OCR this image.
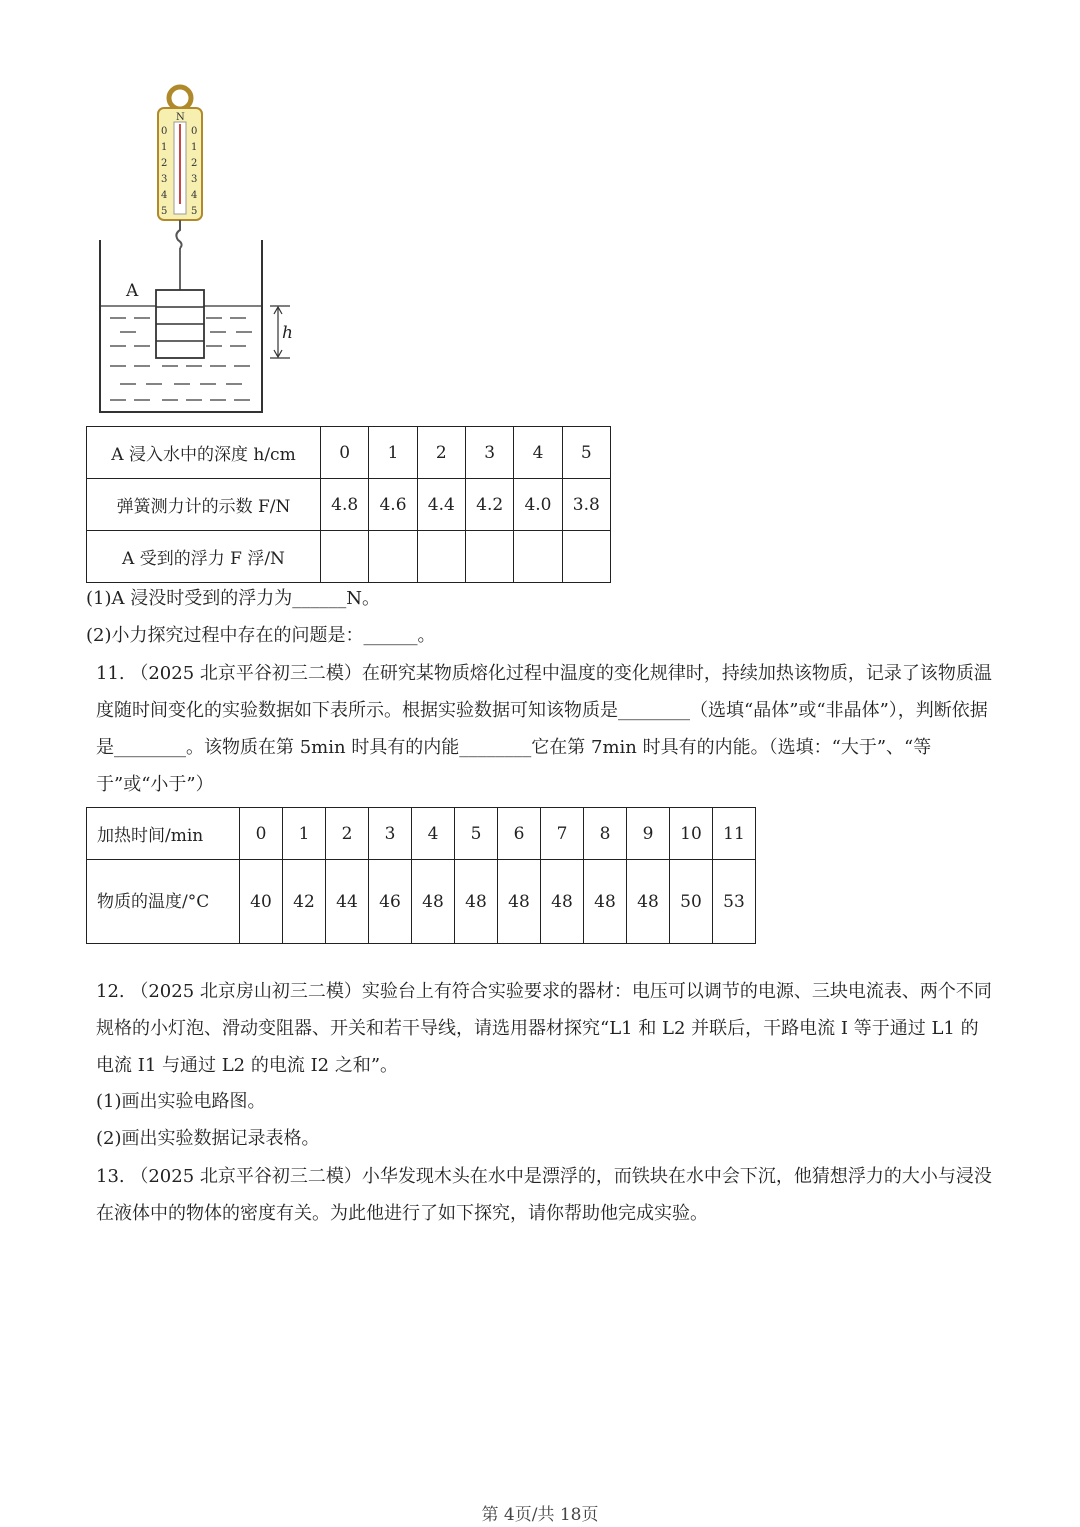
N
0 0
1 1
2 2
3 3
4 4
5 5
A
h
A 浸入水中的深度 h/cm	0	1	2	3	4	5
弹簧测力计的示数 F/N	4.8	4.6	4.4	4.2	4.0	3.8
A 受到的浮力 F 浮/N						
(1)A 浸没时受到的浮力为______N。
(2)小力探究过程中存在的问题是：______。
11. （2025 北京平谷初三二模）在研究某物质熔化过程中温度的变化规律时，持续加热该物质，记录了该物质温度随时间变化的实验数据如下表所示。根据实验数据可知该物质是________（选填“晶体”或“非晶体”），判断依据是________。该物质在第 5min 时具有的内能________它在第 7min 时具有的内能。（选填：“大于”、“等于”或“小于”）
加热时间/min	0	1	2	3	4	5	6	7	8	9	10	11
物质的温度/°C	40	42	44	46	48	48	48	48	48	48	50	53
12. （2025 北京房山初三二模）实验台上有符合实验要求的器材：电压可以调节的电源、三块电流表、两个不同规格的小灯泡、滑动变阻器、开关和若干导线，请选用器材探究“L1 和 L2 并联后，干路电流 I 等于通过 L1 的电流 I1 与通过 L2 的电流 I2 之和”。
(1)画出实验电路图。
(2)画出实验数据记录表格。
13. （2025 北京平谷初三二模）小华发现木头在水中是漂浮的，而铁块在水中会下沉，他猜想浮力的大小与浸没在液体中的物体的密度有关。为此他进行了如下探究，请你帮助他完成实验。
第 4页/共 18页
